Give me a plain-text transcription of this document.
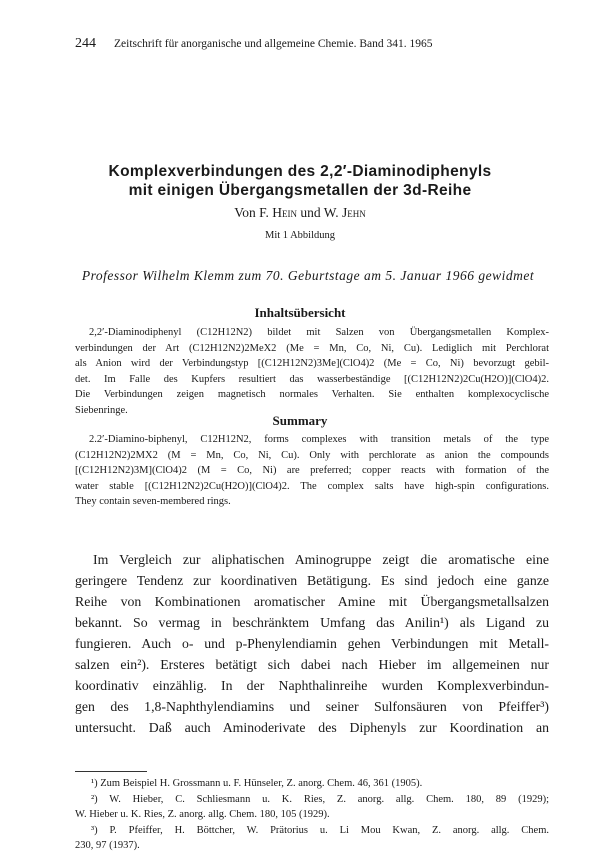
244 Zeitschrift für anorganische und allgemeine Chemie. Band 341. 1965
Komplexverbindungen des 2,2′-Diaminodiphenyls
mit einigen Übergangsmetallen der 3d-Reihe
Von F. Hein und W. Jehn
Mit 1 Abbildung
Professor Wilhelm Klemm zum 70. Geburtstage am 5. Januar 1966 gewidmet
Inhaltsübersicht
2,2′-Diaminodiphenyl (C12H12N2) bildet mit Salzen von Übergangsmetallen Komplex-
verbindungen der Art (C12H12N2)2MeX2 (Me = Mn, Co, Ni, Cu). Lediglich mit Perchlorat
als Anion wird der Verbindungstyp [(C12H12N2)3Me](ClO4)2 (Me = Co, Ni) bevorzugt gebil-
det. Im Falle des Kupfers resultiert das wasserbeständige [(C12H12N2)2Cu(H2O)](ClO4)2.
Die Verbindungen zeigen magnetisch normales Verhalten. Sie enthalten komplexocyclische
Siebenringe.
Summary
2.2′-Diamino-biphenyl, C12H12N2, forms complexes with transition metals of the type
(C12H12N2)2MX2 (M = Mn, Co, Ni, Cu). Only with perchlorate as anion the compounds
[(C12H12N2)3M](ClO4)2 (M = Co, Ni) are preferred; copper reacts with formation of the
water stable [(C12H12N2)2Cu(H2O)](ClO4)2. The complex salts have high-spin configurations.
They contain seven-membered rings.
Im Vergleich zur aliphatischen Aminogruppe zeigt die aromatische eine
geringere Tendenz zur koordinativen Betätigung. Es sind jedoch eine ganze
Reihe von Kombinationen aromatischer Amine mit Übergangsmetallsalzen
bekannt. So vermag in beschränktem Umfang das Anilin¹) als Ligand zu
fungieren. Auch o- und p-Phenylendiamin gehen Verbindungen mit Metall-
salzen ein²). Ersteres betätigt sich dabei nach Hieber im allgemeinen nur
koordinativ einzählig. In der Naphthalinreihe wurden Komplexverbindun-
gen des 1,8-Naphthylendiamins und seiner Sulfonsäuren von Pfeiffer³)
untersucht. Daß auch Aminoderivate des Diphenyls zur Koordination an
¹) Zum Beispiel H. Grossmann u. F. Hünseler, Z. anorg. Chem. 46, 361 (1905).
²) W. Hieber, C. Schliesmann u. K. Ries, Z. anorg. allg. Chem. 180, 89 (1929);
W. Hieber u. K. Ries, Z. anorg. allg. Chem. 180, 105 (1929).
³) P. Pfeiffer, H. Böttcher, W. Prätorius u. Li Mou Kwan, Z. anorg. allg. Chem.
230, 97 (1937).
